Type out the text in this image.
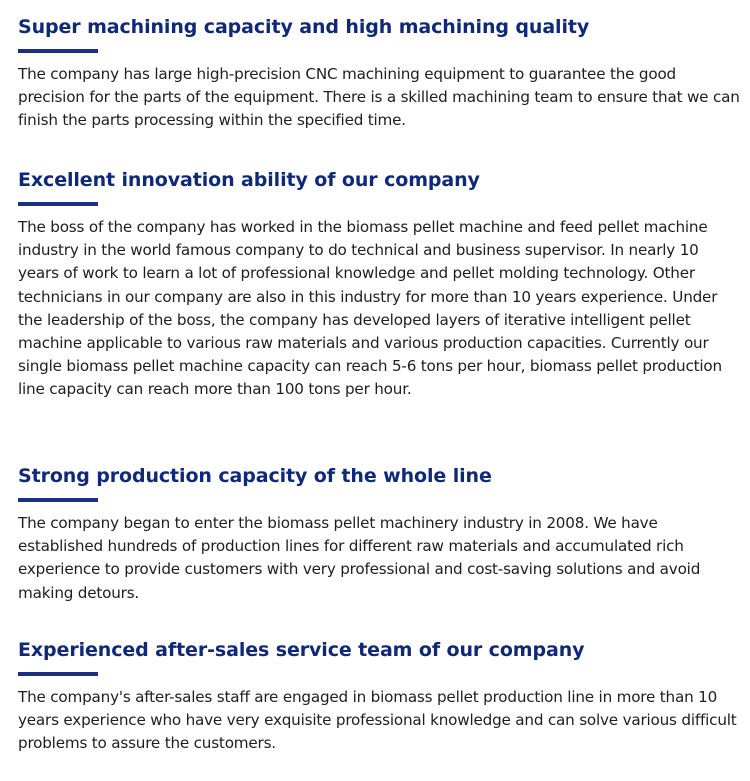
Super machining capacity and high machining quality

The company has large high-precision CNC machining equipment to guarantee the good precision for the parts of the equipment. There is a skilled machining team to ensure that we can finish the parts processing within the specified time.

Excellent innovation ability of our company

The boss of the company has worked in the biomass pellet machine and feed pellet machine industry in the world famous company to do technical and business supervisor. In nearly 10 years of work to learn a lot of professional knowledge and pellet molding technology. Other technicians in our company are also in this industry for more than 10 years experience. Under the leadership of the boss, the company has developed layers of iterative intelligent pellet machine applicable to various raw materials and various production capacities. Currently our single biomass pellet machine capacity can reach 5-6 tons per hour, biomass pellet production line capacity can reach more than 100 tons per hour.

Strong production capacity of the whole line

The company began to enter the biomass pellet machinery industry in 2008. We have established hundreds of production lines for different raw materials and accumulated rich experience to provide customers with very professional and cost-saving solutions and avoid making detours.

Experienced after-sales service team of our company

The company's after-sales staff are engaged in biomass pellet production line in more than 10 years experience who have very exquisite professional knowledge and can solve various difficult problems to assure the customers.
